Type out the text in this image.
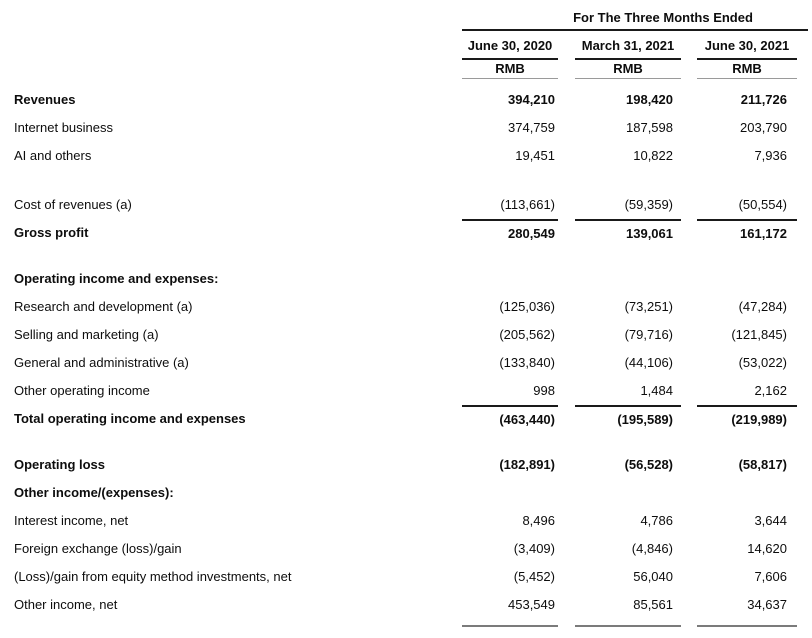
For The Three Months Ended
June 30, 2020	March 31, 2021	June 30, 2021
RMB	RMB	RMB
Revenues	394,210	198,420	211,726
Internet business	374,759	187,598	203,790
AI and others	19,451	10,822	7,936
Cost of revenues (a)	(113,661)	(59,359)	(50,554)
Gross profit	280,549	139,061	161,172
Operating income and expenses:
Research and development (a)	(125,036)	(73,251)	(47,284)
Selling and marketing (a)	(205,562)	(79,716)	(121,845)
General and administrative (a)	(133,840)	(44,106)	(53,022)
Other operating income	998	1,484	2,162
Total operating income and expenses	(463,440)	(195,589)	(219,989)
Operating loss	(182,891)	(56,528)	(58,817)
Other income/(expenses):
Interest income, net	8,496	4,786	3,644
Foreign exchange (loss)/gain	(3,409)	(4,846)	14,620
(Loss)/gain from equity method investments, net	(5,452)	56,040	7,606
Other income, net	453,549	85,561	34,637
